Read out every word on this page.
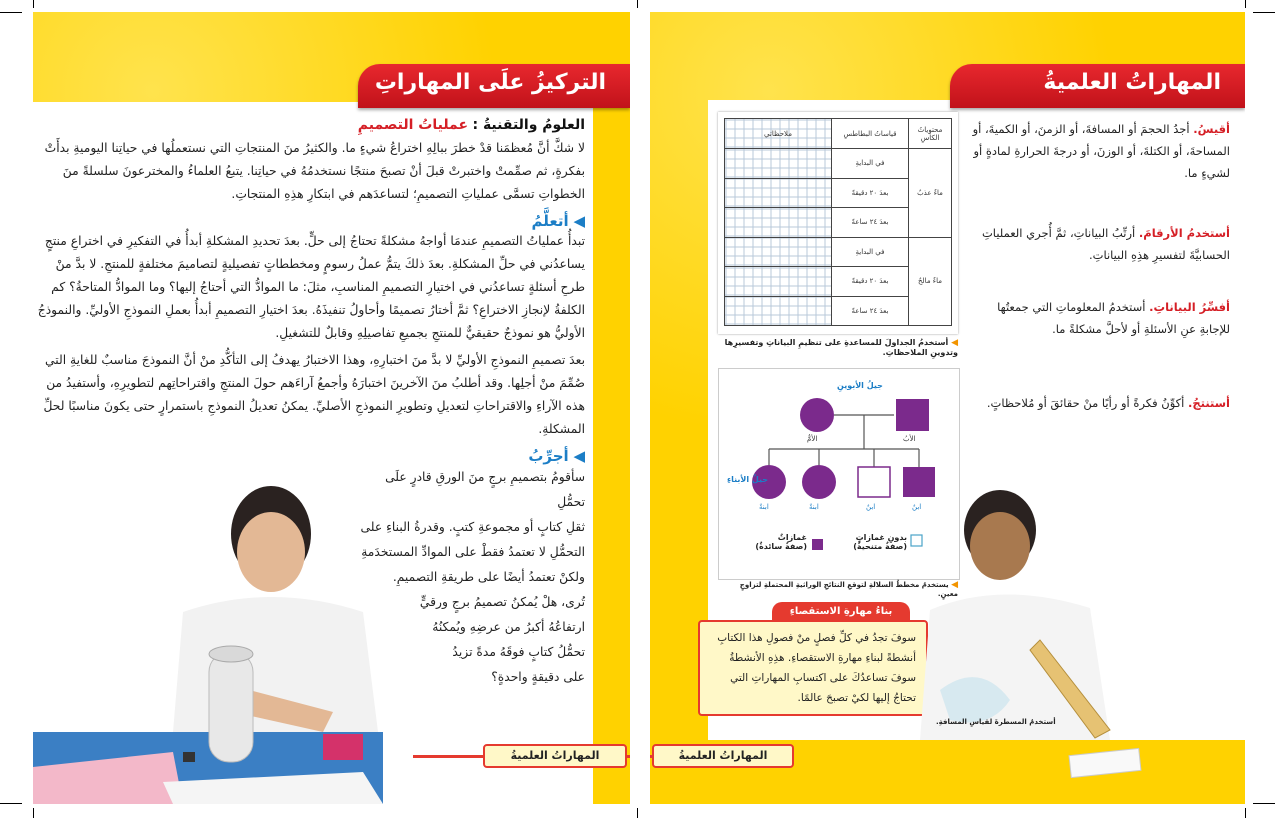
التركيزُ علَى المهاراتِ
العلومُ والتقنيةُ : عملياتُ التصميمِ

لا شكَّ أنَّ مُعظمَنا قدْ خطرَ ببالِهِ اختراعُ شيءٍ ما. والكثيرُ منَ المنتجاتِ التي نستعملُها في حياتِنا اليوميةِ بدأَتْ بفكرةٍ، ثم صمِّمتْ واختبرتْ قبلَ أنْ تصبحَ منتجًا نستخدمُهُ في حياتِنا. يتبعُ العلماءُ والمخترعونَ سلسلةً منَ الخطواتِ تسمَّى عملياتِ التصميمِ؛ لتساعدَهم في ابتكارِ هذِهِ المنتجاتِ.

◀ أتعلَّمُ

تبدأُ عملياتُ التصميمِ عندمَا أواجهُ مشكلةً تحتاجُ إلى حلٍّ. بعدَ تحديدِ المشكلةِ أبدأُ في التفكيرِ في اختراعِ منتجٍ يساعدُني في حلِّ المشكلةِ. بعدَ ذلكَ يتمُّ عملُ رسومٍ ومخططاتٍ تفصيليةٍ لتصاميمَ مختلفةٍ للمنتجِ. لا بدَّ منْ طرحِ أسئلةٍ تساعدُني في اختيارِ التصميمِ المناسبِ، مثلَ: ما الموادُّ التي أحتاجُ إليها؟ وما الموادُّ المتاحةُ؟ كم الكلفةُ لإنجازِ الاختراعِ؟ ثمَّ أختارُ تصميمًا وأحاولُ تنفيذَهُ. بعدَ اختيارِ التصميمِ أبدأُ بعملِ النموذجِ الأوليِّ. والنموذجُ الأوليُّ هو نموذجٌ حقيقيٌّ للمنتجِ بجميعِ تفاصيلِهِ وقابلٌ للتشغيلِ.

بعدَ تصميمِ النموذجِ الأوليِّ لا بدَّ منَ اختبارِهِ، وهذا الاختبارُ يهدفُ إلى التأكُّدِ منْ أنَّ النموذجَ مناسبٌ للغايةِ التي صُمِّمَ منْ أجلِها. وقد أطلبُ منَ الآخرينَ اختبارَهُ وأجمعُ آراءَهم حولَ المنتجِ واقتراحاتِهم لتطويرِهِ، وأستفيدُ من هذه الآراءِ والاقتراحاتِ لتعديلِ وتطويرِ النموذجِ الأصليِّ. يمكنُ تعديلُ النموذجِ باستمرارٍ حتى يكونَ مناسبًا لحلِّ المشكلةِ.

◀ أجرِّبُ

سأقومُ بتصميمِ برجٍ منَ الورقِ قادرٍ علَى تحمُّلِ

ثقلِ كتابٍ أو مجموعةِ كتبٍ. وقدرةُ البناءِ على

التحمُّلِ لا تعتمدُ فقطْ على الموادِّ المستخدَمةِ

ولكنْ تعتمدُ أيضًا على طريقةِ التصميمِ.

تُرى، هلْ يُمكنُ تصميمُ برجٍ ورقيٍّ

ارتفاعُهُ أكبرُ من عرضِهِ ويُمكنُهُ

تحمُّلُ كتابٍ فوقَهُ مدةً تزيدُ

على دقيقةٍ واحدةٍ؟

المهاراتُ العلميةُ
المهاراتُ العلميةُ

أقيسُ. أجدُ الحجمَ أو المسافةَ، أو الزمنَ، أو الكميةَ، أو المساحةَ، أو الكتلةَ، أو الوزنَ، أو درجةَ الحرارةِ لمادةٍ أو لشيءٍ ما.

أستخدمُ الأرقامَ. أرتِّبُ البياناتِ، ثمَّ أُجري العملياتِ الحسابيَّةَ لتفسيرِ هذِهِ البياناتِ.

أفسِّرُ البياناتِ. أستخدمُ المعلوماتِ التي جمعتُها للإجابةِ عنِ الأسئلةِ أو لأحلَّ مشكلةً ما.

أستنتجُ. أكوِّنُ فكرةً أو رأيًا منْ حقائقَ أو مُلاحظاتٍ.

محتوياتُ الكأسِ	قياساتُ البطاطسِ	ملاحظاتي
ماءٌ عذبٌ	في البدايةِ	
	بعدَ ٢٠ دقيقةً	
	بعدَ ٢٤ ساعةً	
ماءٌ مالحٌ	في البدايةِ	
	بعدَ ٢٠ دقيقةً	
	بعدَ ٢٤ ساعةً	
◀ أستخدمُ الجداولَ للمساعدةِ على تنظيمِ البياناتِ وتفسيرِها وتدوينِ الملاحظاتِ.
جيلُ الأبوينِ
جيلُ الأبناءِ
الأمُّ	الأبُ
ابنةٌ	ابنةٌ	ابنٌ	ابنٌ
غمازاتٌ
(صفةٌ سائدةٌ)
بدونِ غمازاتٍ
(صفةٌ متنحيةٌ)
◀ يستخدمُ مخططُ السلالةِ لتوقعِ النتائجِ الوراثيةِ المحتملةِ لتزاوجٍ معينٍ.
بناءُ مهارةِ الاستقصاءِ

سوفَ تجدُ في كلِّ فصلٍ منْ فصولِ هذا الكتابِ أنشطةً لبناءِ مهارةِ الاستقصاءِ. هذِهِ الأنشطةُ سوفَ تساعدُكَ على اكتسابِ المهاراتِ التي تحتاجُ إليها لكيْ تصبحَ عالمًا.

أستخدمُ المسطرةَ لقياسِ المسافةِ.
المهاراتُ العلميةُ
